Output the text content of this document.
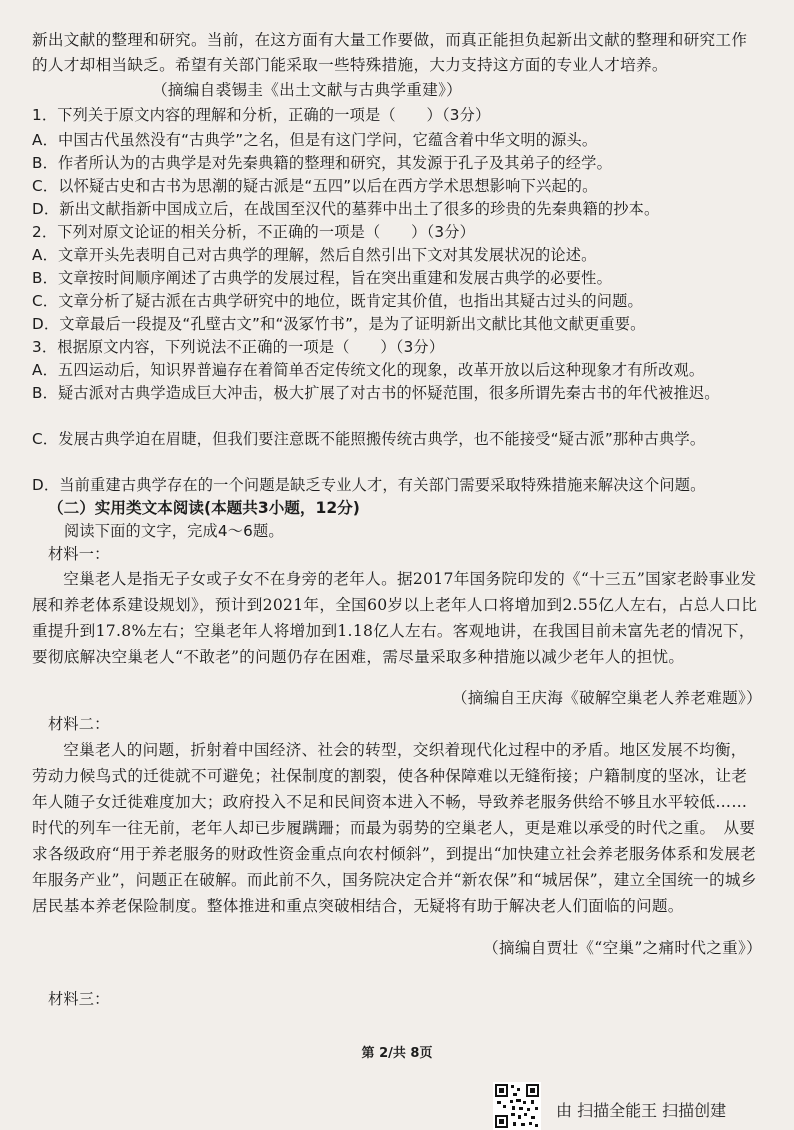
新出文献的整理和研究。当前，在这方面有大量工作要做，而真正能担负起新出文献的整理和研究工作的人才却相当缺乏。希望有关部门能采取一些特殊措施，大力支持这方面的专业人才培养。
（摘编自裘锡圭《出土文献与古典学重建》）
1．下列关于原文内容的理解和分析，正确的一项是（　　）（3分）
A．中国古代虽然没有“古典学”之名，但是有这门学问，它蕴含着中华文明的源头。
B．作者所认为的古典学是对先秦典籍的整理和研究，其发源于孔子及其弟子的经学。
C．以怀疑古史和古书为思潮的疑古派是“五四”以后在西方学术思想影响下兴起的。
D．新出文献指新中国成立后，在战国至汉代的墓葬中出土了很多的珍贵的先秦典籍的抄本。
2．下列对原文论证的相关分析，不正确的一项是（　　）（3分）
A．文章开头先表明自己对古典学的理解，然后自然引出下文对其发展状况的论述。
B．文章按时间顺序阐述了古典学的发展过程，旨在突出重建和发展古典学的必要性。
C．文章分析了疑古派在古典学研究中的地位，既肯定其价值，也指出其疑古过头的问题。
D．文章最后一段提及“孔壁古文”和“汲冢竹书”，是为了证明新出文献比其他文献更重要。
3．根据原文内容，下列说法不正确的一项是（　　）（3分）
A．五四运动后，知识界普遍存在着简单否定传统文化的现象，改革开放以后这种现象才有所改观。
B．疑古派对古典学造成巨大冲击，极大扩展了对古书的怀疑范围，很多所谓先秦古书的年代被推迟。
C．发展古典学迫在眉睫，但我们要注意既不能照搬传统古典学，也不能接受“疑古派”那种古典学。
D．当前重建古典学存在的一个问题是缺乏专业人才，有关部门需要采取特殊措施来解决这个问题。
（二）实用类文本阅读(本题共3小题，12分)
阅读下面的文字，完成4～6题。
材料一：
空巢老人是指无子女或子女不在身旁的老年人。据2017年国务院印发的《“十三五”国家老龄事业发展和养老体系建设规划》，预计到2021年，全国60岁以上老年人口将增加到2.55亿人左右，占总人口比重提升到17.8%左右；空巢老年人将增加到1.18亿人左右。客观地讲，在我国目前未富先老的情况下，要彻底解决空巢老人“不敢老”的问题仍存在困难，需尽量采取多种措施以减少老年人的担忧。
（摘编自王庆海《破解空巢老人养老难题》）
材料二：
空巢老人的问题，折射着中国经济、社会的转型，交织着现代化过程中的矛盾。地区发展不均衡，劳动力候鸟式的迁徙就不可避免；社保制度的割裂，使各种保障难以无缝衔接；户籍制度的坚冰，让老年人随子女迁徙难度加大；政府投入不足和民间资本进入不畅，导致养老服务供给不够且水平较低……时代的列车一往无前，老年人却已步履蹒跚；而最为弱势的空巢老人，更是难以承受的时代之重。　从要求各级政府“用于养老服务的财政性资金重点向农村倾斜”，到提出“加快建立社会养老服务体系和发展老年服务产业”，问题正在破解。而此前不久，国务院决定合并“新农保”和“城居保”，建立全国统一的城乡居民基本养老保险制度。整体推进和重点突破相结合，无疑将有助于解决老人们面临的问题。
（摘编自贾壮《“空巢”之痛时代之重》）
材料三：
第 2/共 8页
由 扫描全能王 扫描创建
